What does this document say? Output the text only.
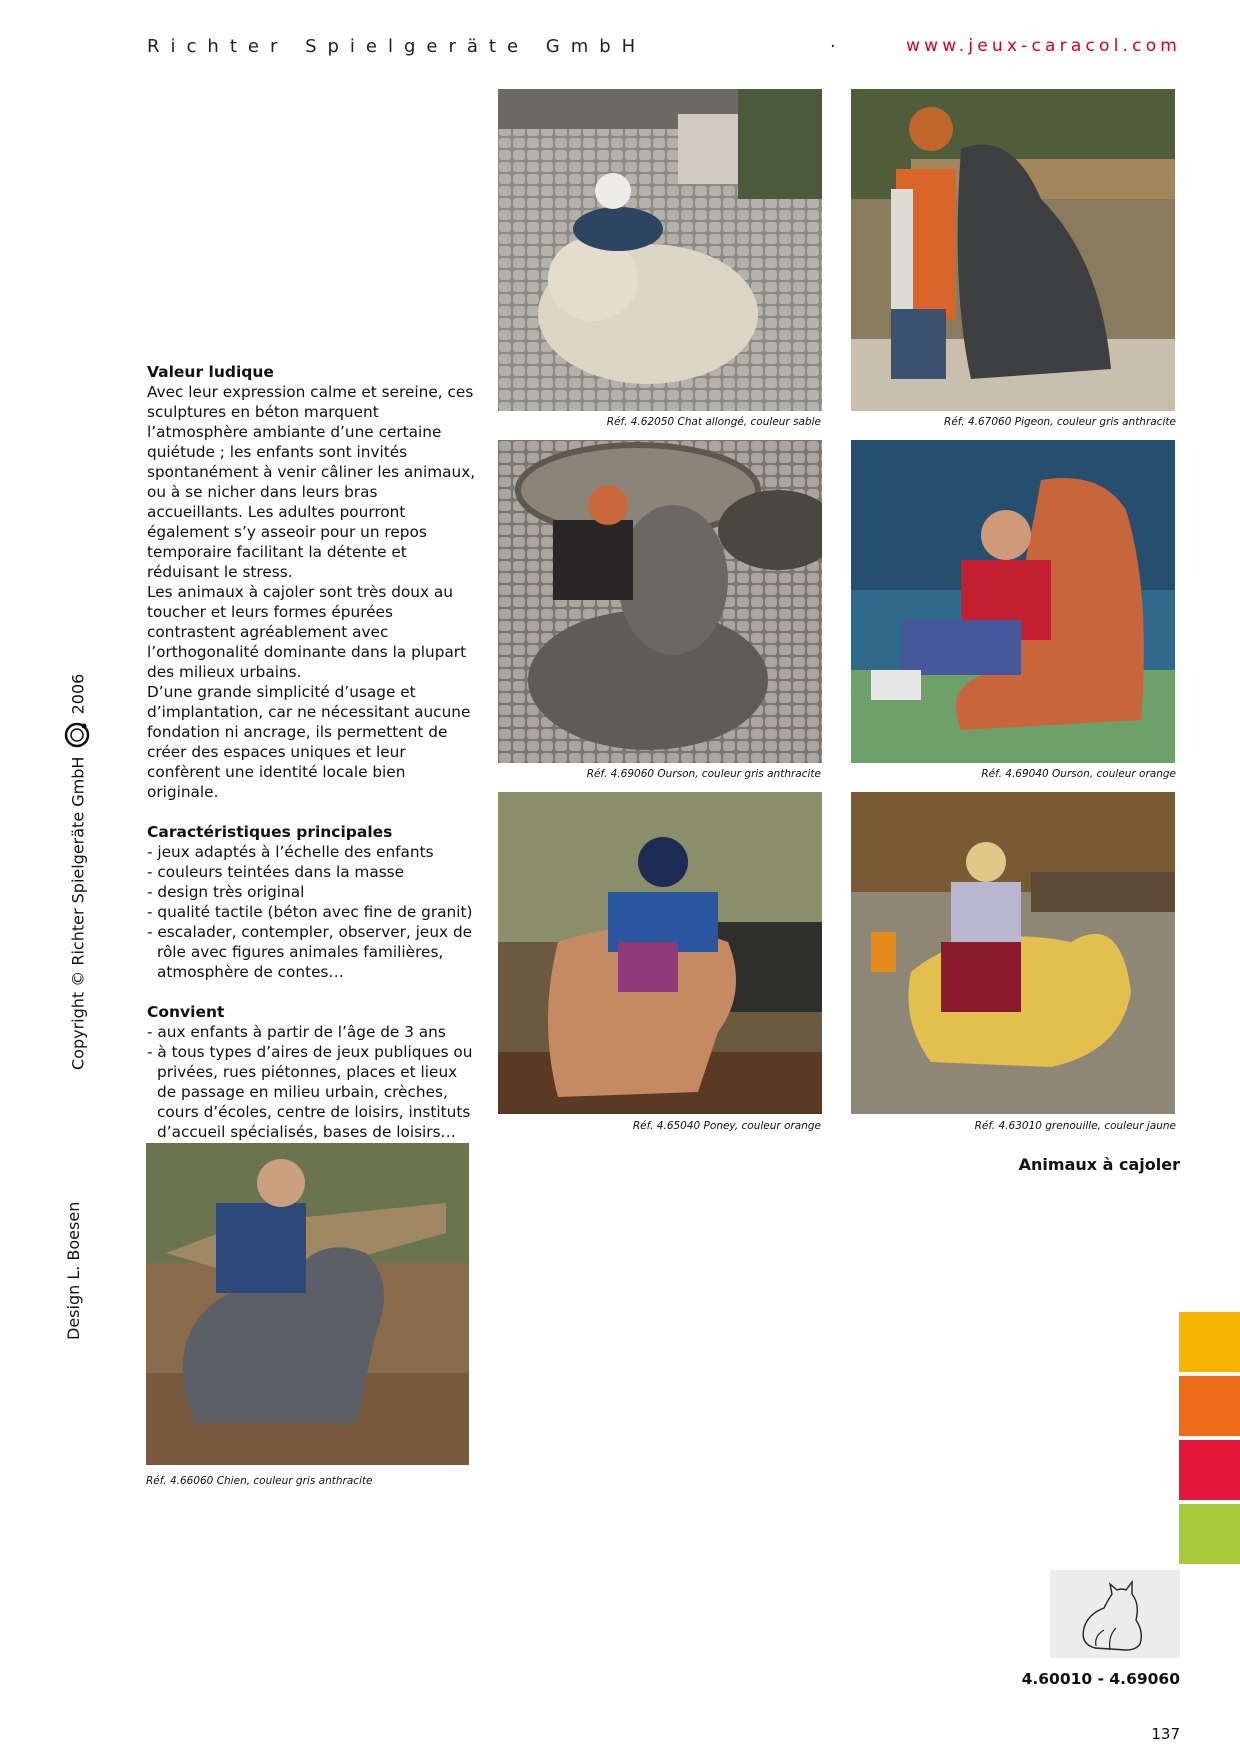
Richter Spielgeräte GmbH	·	www.jeux-caracol.com
Copyright © Richter Spielgeräte GmbH  2006
Design L. Boesen
Valeur ludique

Avec leur expression calme et sereine, ces sculptures en béton marquent l’atmosphère ambiante d’une certaine quiétude ; les enfants sont invités spontanément à venir câliner les animaux, ou à se nicher dans leurs bras accueillants. Les adultes pourront également s’y asseoir pour un repos temporaire facilitant la détente et réduisant le stress.

Les animaux à cajoler sont très doux au toucher et leurs formes épurées contrastent agréablement avec l’orthogonalité dominante dans la plupart des milieux urbains.

D’une grande simplicité d’usage et d’implantation, car ne nécessitant aucune fondation ni ancrage, ils permettent de créer des espaces uniques et leur confèrent une identité locale bien originale.

Caractéristiques principales
- jeux adaptés à l’échelle des enfants
- couleurs teintées dans la masse
- design très original
- qualité tactile (béton avec fine de granit)
- escalader, contempler, observer, jeux de rôle avec figures animales familières, atmosphère de contes…
Convient
- aux enfants à partir de l’âge de 3 ans
- à tous types d’aires de jeux publiques ou privées, rues piétonnes, places et lieux de passage en milieu urbain, crèches, cours d’écoles, centre de loisirs, instituts d’accueil spécialisés, bases de loisirs…
Réf. 4.62050 Chat allongé, couleur sable	Réf. 4.67060 Pigeon, couleur gris anthracite
Réf. 4.69060 Ourson, couleur gris anthracite	Réf. 4.69040 Ourson, couleur orange
Réf. 4.65040 Poney, couleur orange	Réf. 4.63010 grenouille, couleur jaune
Animaux à cajoler
Réf. 4.66060 Chien, couleur gris anthracite
4.60010 - 4.69060
137
